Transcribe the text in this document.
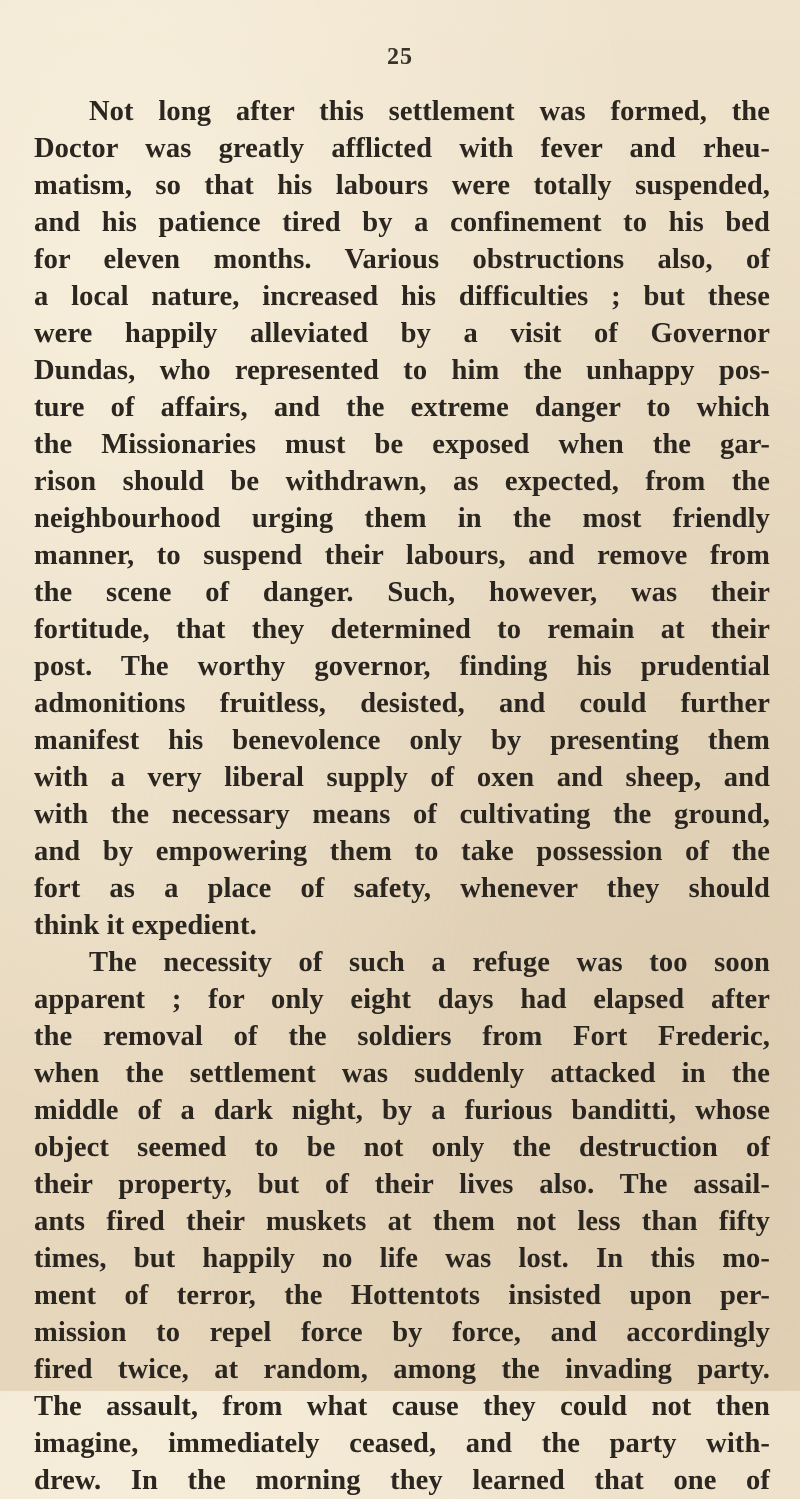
25
Not long after this settlement was formed, the
Doctor was greatly afflicted with fever and rheu-
matism, so that his labours were totally suspended,
and his patience tired by a confinement to his bed
for eleven months. Various obstructions also, of
a local nature, increased his difficulties ; but these
were happily alleviated by a visit of Governor
Dundas, who represented to him the unhappy pos-
ture of affairs, and the extreme danger to which
the Missionaries must be exposed when the gar-
rison should be withdrawn, as expected, from the
neighbourhood urging them in the most friendly
manner, to suspend their labours, and remove from
the scene of danger. Such, however, was their
fortitude, that they determined to remain at their
post. The worthy governor, finding his prudential
admonitions fruitless, desisted, and could further
manifest his benevolence only by presenting them
with a very liberal supply of oxen and sheep, and
with the necessary means of cultivating the ground,
and by empowering them to take possession of the
fort as a place of safety, whenever they should
think it expedient.
The necessity of such a refuge was too soon
apparent ; for only eight days had elapsed after
the removal of the soldiers from Fort Frederic,
when the settlement was suddenly attacked in the
middle of a dark night, by a furious banditti, whose
object seemed to be not only the destruction of
their property, but of their lives also. The assail-
ants fired their muskets at them not less than fifty
times, but happily no life was lost. In this mo-
ment of terror, the Hottentots insisted upon per-
mission to repel force by force, and accordingly
fired twice, at random, among the invading party.
The assault, from what cause they could not then
imagine, immediately ceased, and the party with-
drew. In the morning they learned that one of
